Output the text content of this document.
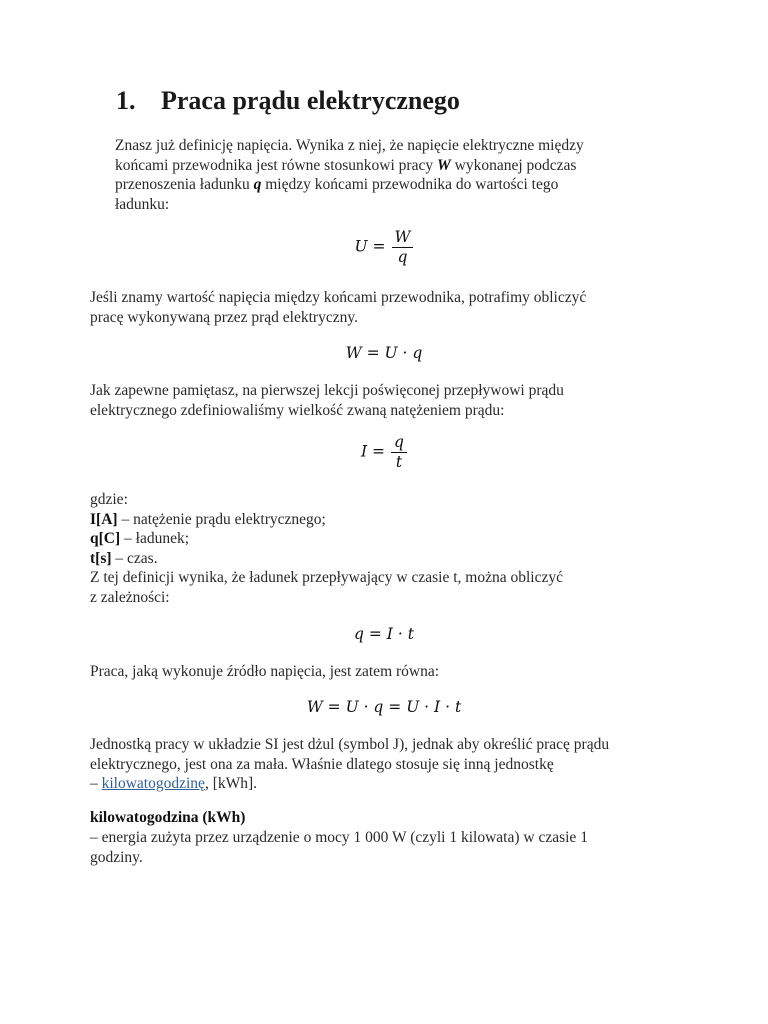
1. Praca prądu elektrycznego
Znasz już definicję napięcia. Wynika z niej, że napięcie elektryczne między
końcami przewodnika jest równe stosunkowi pracy W wykonanej podczas
przenoszenia ładunku q między końcami przewodnika do wartości tego
ładunku:
$U = \frac{W}{q}$
Jeśli znamy wartość napięcia między końcami przewodnika, potrafimy obliczyć
pracę wykonywaną przez prąd elektryczny.
W = U · q
Jak zapewne pamiętasz, na pierwszej lekcji poświęconej przepływowi prądu
elektrycznego zdefiniowaliśmy wielkość zwaną natężeniem prądu:
$I = \frac{q}{t}$
gdzie:
I[A] – natężenie prądu elektrycznego;
q[C] – ładunek;
t[s] – czas.
Z tej definicji wynika, że ładunek przepływający w czasie t, można obliczyć
z zależności:
q = I · t
Praca, jaką wykonuje źródło napięcia, jest zatem równa:
W = U · q = U · I · t
Jednostką pracy w układzie SI jest dżul (symbol J), jednak aby określić pracę prądu
elektrycznego, jest ona za mała. Właśnie dlatego stosuje się inną jednostkę
– kilowatogodzinę, [kWh].
kilowatogodzina (kWh)
– energia zużyta przez urządzenie o mocy 1 000 W (czyli 1 kilowata) w czasie 1
godziny.
